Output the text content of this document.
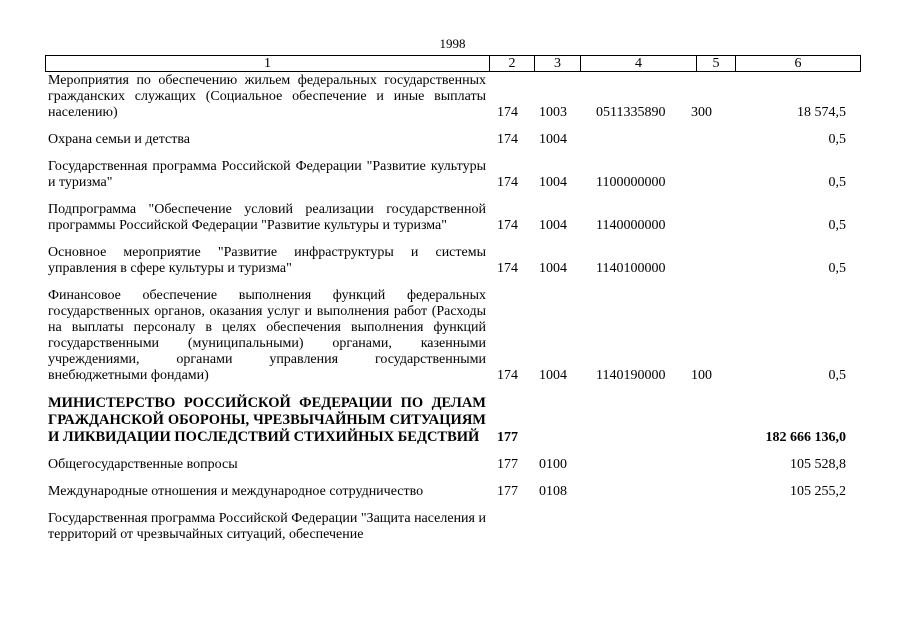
1998
1	2	3	4	5	6
Мероприятия по обеспечению жильем федеральных государственных гражданских служащих (Социальное обеспечение и иные выплаты населению)	174 1003 0511335890 300	18 574,5
Охрана семьи и детства	174 1004	0,5
Государственная программа Российской Федерации "Развитие культуры и туризма"	174 1004 1100000000	0,5
Подпрограмма "Обеспечение условий реализации государственной программы Российской Федерации "Развитие культуры и туризма"	174 1004 1140000000	0,5
Основное мероприятие "Развитие инфраструктуры и системы управления в сфере культуры и туризма"	174 1004 1140100000	0,5
Финансовое обеспечение выполнения функций федеральных государственных органов, оказания услуг и выполнения работ (Расходы на выплаты персоналу в целях обеспечения выполнения функций государственными (муниципальными) органами, казенными учреждениями, органами управления государственными внебюджетными фондами)	174 1004 1140190000 100	0,5
МИНИСТЕРСТВО РОССИЙСКОЙ ФЕДЕРАЦИИ ПО ДЕЛАМ ГРАЖДАНСКОЙ ОБОРОНЫ, ЧРЕЗВЫЧАЙНЫМ СИТУАЦИЯМ И ЛИКВИДАЦИИ ПОСЛЕДСТВИЙ СТИХИЙНЫХ БЕДСТВИЙ	177	182 666 136,0
Общегосударственные вопросы	177 0100	105 528,8
Международные отношения и международное сотрудничество	177 0108	105 255,2
Государственная программа Российской Федерации "Защита населения и территорий от чрезвычайных ситуаций, обеспечение
